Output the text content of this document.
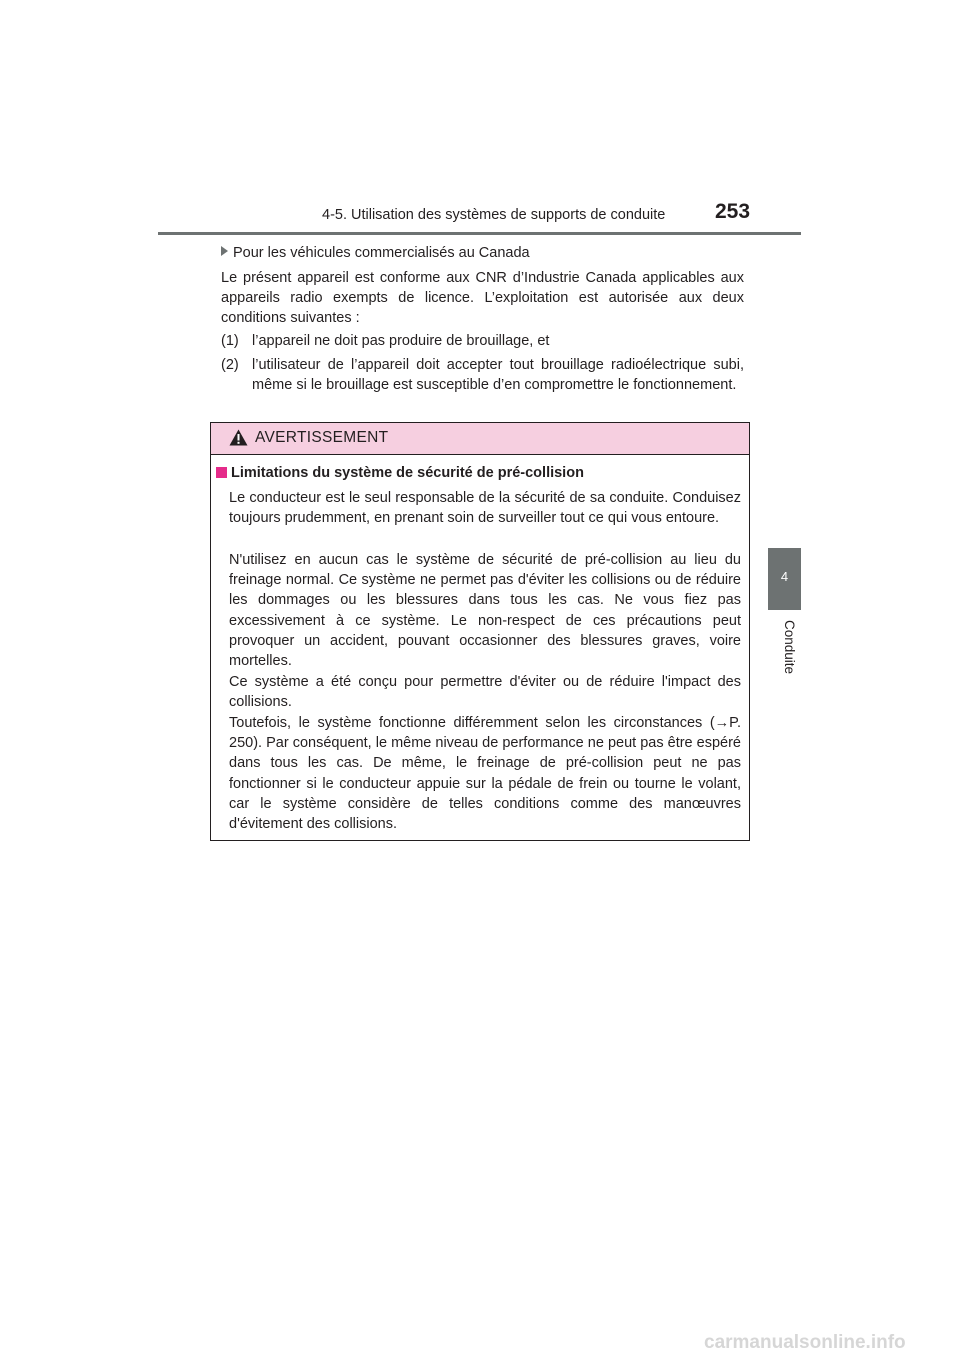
4-5. Utilisation des systèmes de supports de conduite 253
4
Conduite
Pour les véhicules commercialisés au Canada
Le présent appareil est conforme aux CNR d’Industrie Canada applicables aux appareils radio exempts de licence. L’exploitation est autorisée aux deux conditions suivantes :
(1) l’appareil ne doit pas produire de brouillage, et
(2) l’utilisateur de l’appareil doit accepter tout brouillage radioélectrique subi, même si le brouillage est susceptible d’en compromettre le fonctionnement.
AVERTISSEMENT
Limitations du système de sécurité de pré-collision
Le conducteur est le seul responsable de la sécurité de sa conduite. Conduisez toujours prudemment, en prenant soin de surveiller tout ce qui vous entoure.
N'utilisez en aucun cas le système de sécurité de pré-collision au lieu du freinage normal. Ce système ne permet pas d'éviter les collisions ou de réduire les dommages ou les blessures dans tous les cas. Ne vous fiez pas excessivement à ce système. Le non-respect de ces précautions peut provoquer un accident, pouvant occasionner des blessures graves, voire mortelles.
Ce système a été conçu pour permettre d'éviter ou de réduire l'impact des collisions.
Toutefois, le système fonctionne différemment selon les circonstances (→P. 250). Par conséquent, le même niveau de performance ne peut pas être espéré dans tous les cas. De même, le freinage de pré-collision peut ne pas fonctionner si le conducteur appuie sur la pédale de frein ou tourne le volant, car le système considère de telles conditions comme des manœuvres d'évitement des collisions.
carmanualsonline.info
